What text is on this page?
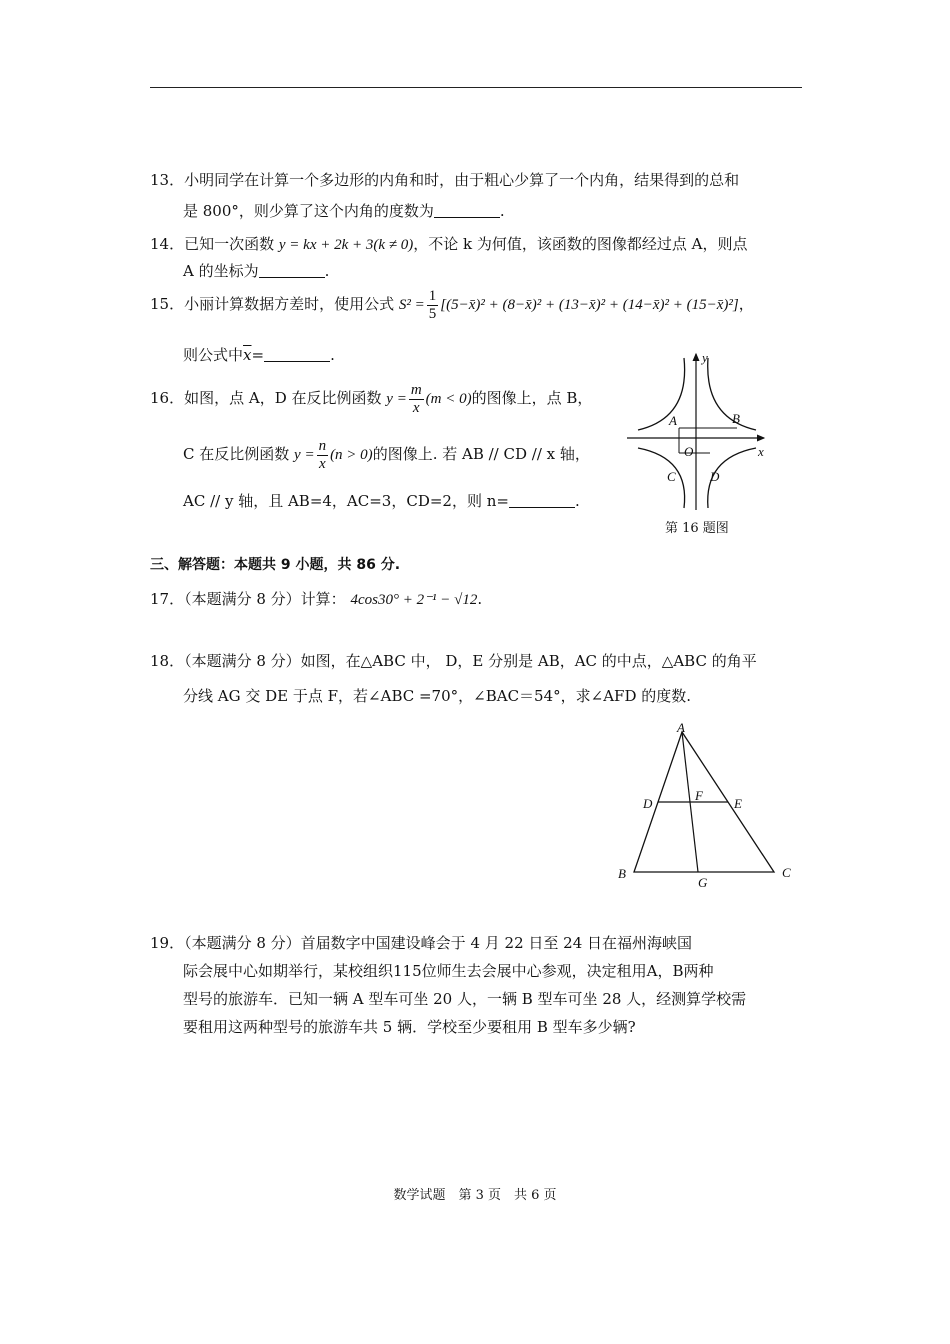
13．小明同学在计算一个多边形的内角和时，由于粗心少算了一个内角，结果得到的总和
是 800°，则少算了这个内角的度数为	.
14．已知一次函数 y = kx + 2k + 3(k ≠ 0)，不论 k 为何值，该函数的图像都经过点 A，则点
A 的坐标为	.
15．小丽计算数据方差时，使用公式 $S^2 = \frac{1}{5}$ [(5−x̄)² + (8−x̄)² + (13−x̄)² + (14−x̄)² + (15−x̄)²]，
则公式中$\overline{x}=$	.
16．如图，点 A，D 在反比例函数 $y = \frac{m}{x} (m < 0)$的图像上，点 B，
C 在反比例函数 $y = \frac{n}{x} (n > 0)$的图像上. 若 AB // CD // x 轴，
AC // y 轴，且 AB=4，AC=3，CD=2，则 n=	.
y
x
A	B
O
C	D
第 16 题图
三、解答题：本题共 9 小题，共 86 分.
17．（本题满分 8 分）计算： 4cos30° + 2⁻¹ − √12.
18．（本题满分 8 分）如图，在△ABC 中， D，E 分别是 AB，AC 的中点，△ABC 的角平
分线 AG 交 DE 于点 F，若∠ABC =70°，∠BAC＝54°，求∠AFD 的度数.
A
D
F
E
B
G
C
19．（本题满分 8 分）首届数字中国建设峰会于 4 月 22 日至 24 日在福州海峡国
际会展中心如期举行，某校组织115位师生去会展中心参观，决定租用A，B两种
型号的旅游车．已知一辆 A 型车可坐 20 人，一辆 B 型车可坐 28 人，经测算学校需
要租用这两种型号的旅游车共 5 辆．学校至少要租用 B 型车多少辆?
数学试题　第 3 页　共 6 页
